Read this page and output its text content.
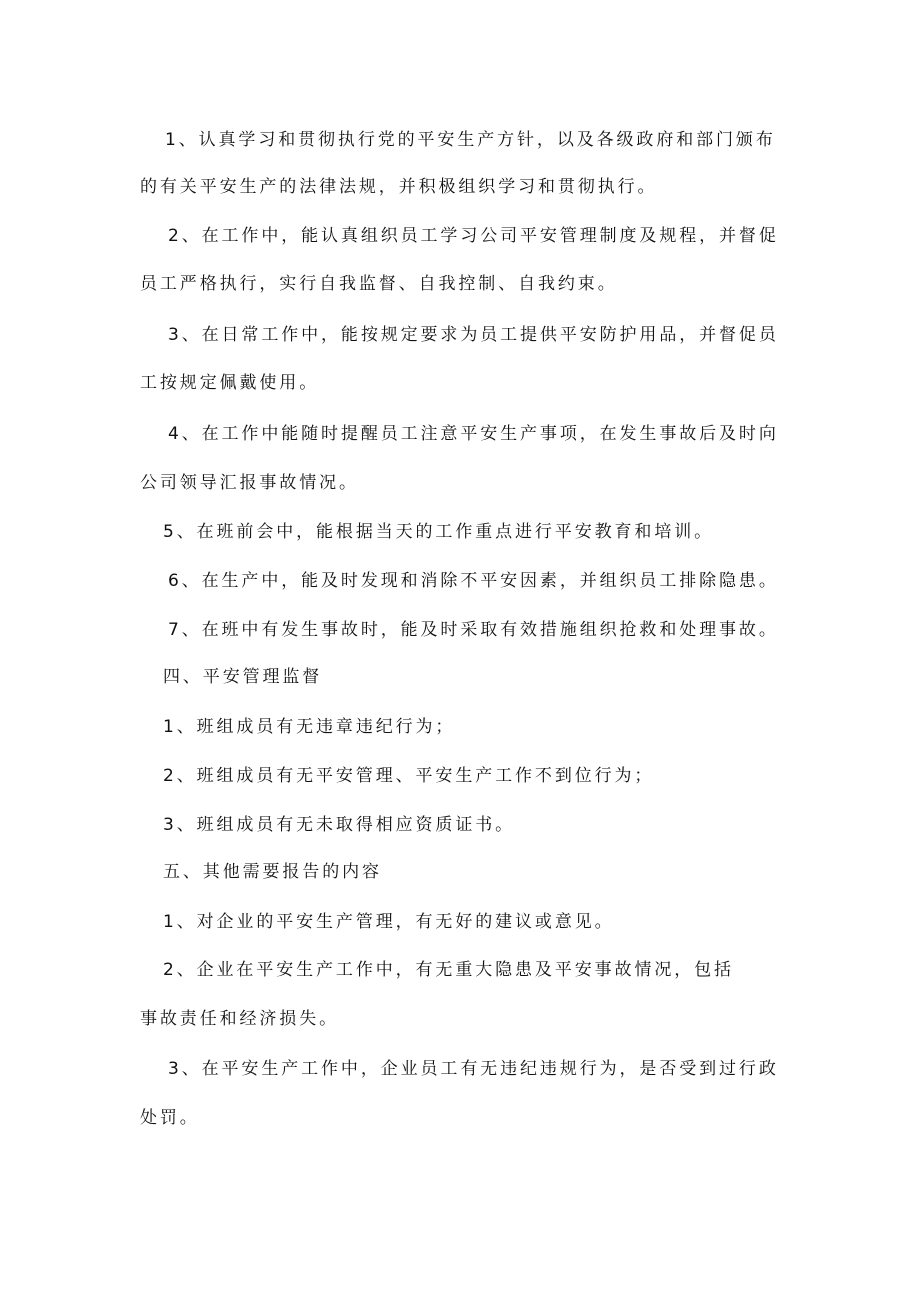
1、认真学习和贯彻执行党的平安生产方针，以及各级政府和部门颁布
的有关平安生产的法律法规，并积极组织学习和贯彻执行。
2、在工作中，能认真组织员工学习公司平安管理制度及规程，并督促
员工严格执行，实行自我监督、自我控制、自我约束。
3、在日常工作中，能按规定要求为员工提供平安防护用品，并督促员
工按规定佩戴使用。
4、在工作中能随时提醒员工注意平安生产事项，在发生事故后及时向
公司领导汇报事故情况。
5、在班前会中，能根据当天的工作重点进行平安教育和培训。
6、在生产中，能及时发现和消除不平安因素，并组织员工排除隐患。
7、在班中有发生事故时，能及时采取有效措施组织抢救和处理事故。
四、平安管理监督
1、班组成员有无违章违纪行为；
2、班组成员有无平安管理、平安生产工作不到位行为；
3、班组成员有无未取得相应资质证书。
五、其他需要报告的内容
1、对企业的平安生产管理，有无好的建议或意见。
2、企业在平安生产工作中，有无重大隐患及平安事故情况，包括
事故责任和经济损失。
3、在平安生产工作中，企业员工有无违纪违规行为，是否受到过行政
处罚。
